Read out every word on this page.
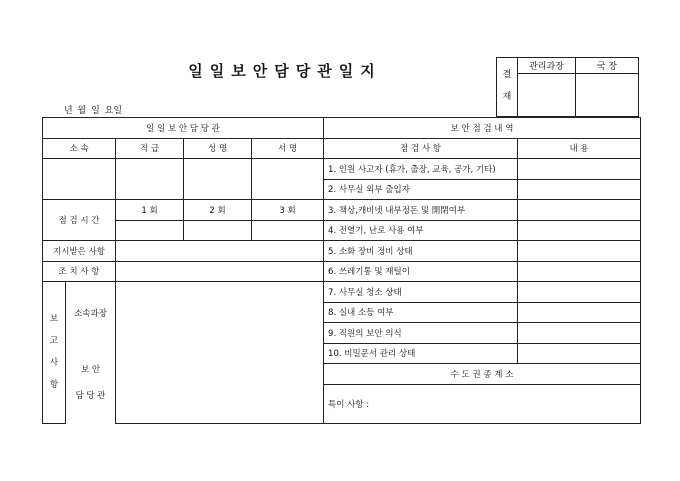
일일보안담당관일지
년 월 일 요일
결
재	관리과장	국 장

일 일 보 안 담 당 관					보 안 점 검 내 역	
소 속		직 급	성 명	서 명	점 검 사 항	내 용
					1. 인원 사고자 (휴가, 출장, 교육, 공가, 기타)	
					2. 사무실 외부 출입자	
점 검 시 간		1 회	2 회	3 회	3. 책상,캐비넷 내부정돈 및 開閉여부	
					4. 전열기, 난로 사용 여부	
지시받은 사항					5. 소화 장비 정비 상태	
조 치 사 항					6. 쓰레기통 및 재털이	

보
고
사
항	소속과장				7. 사무실 청소 상태	
					8. 실내 소등 여부	
					9. 직원의 보안 의식	

	보 안
담 당 관				10. 비밀문서 관리 상태	
					수 도 권 종 계 소	
					특이 사항 :	
